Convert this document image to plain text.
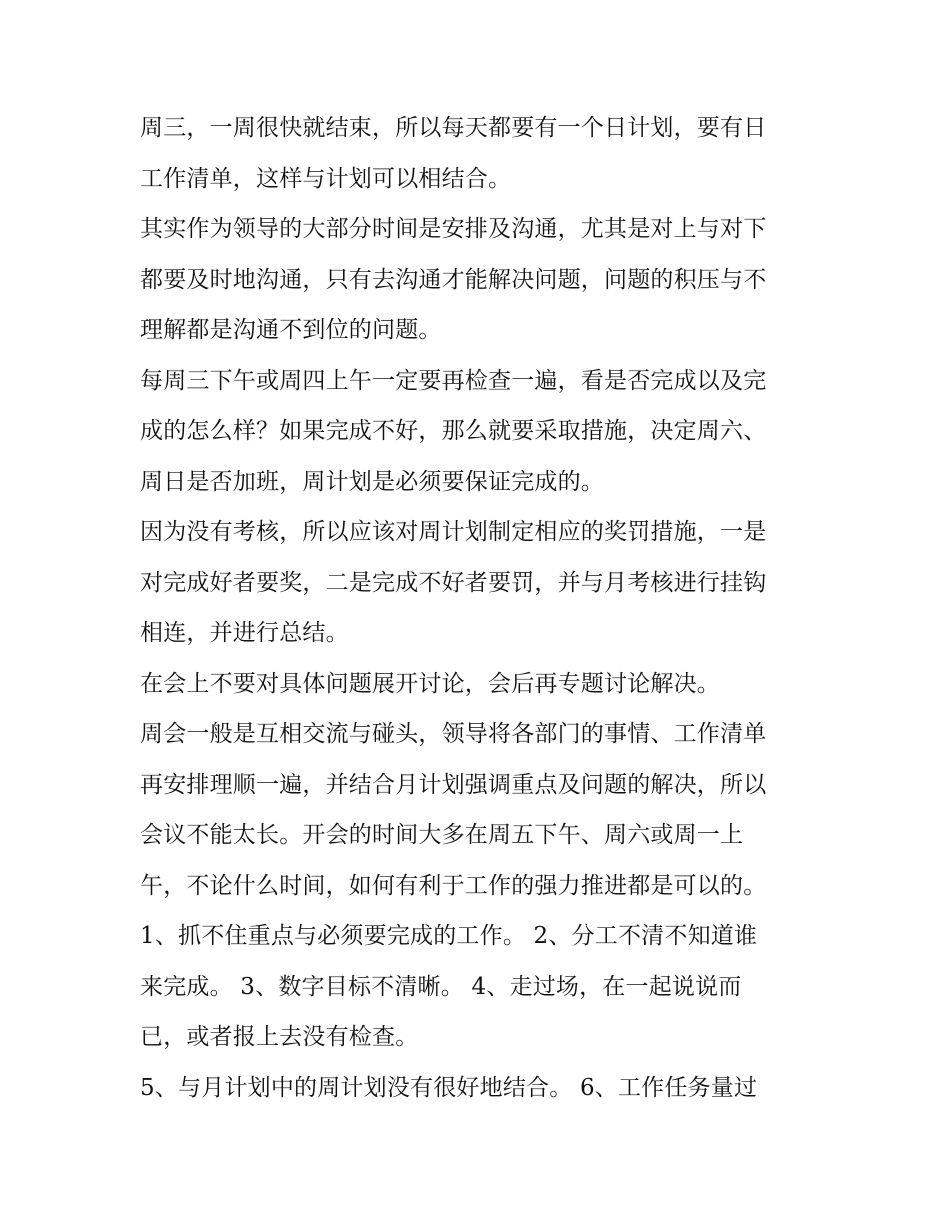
周三，一周很快就结束，所以每天都要有一个日计划，要有日
工作清单，这样与计划可以相结合。

其实作为领导的大部分时间是安排及沟通，尤其是对上与对下
都要及时地沟通，只有去沟通才能解决问题，问题的积压与不
理解都是沟通不到位的问题。

每周三下午或周四上午一定要再检查一遍，看是否完成以及完
成的怎么样？如果完成不好，那么就要采取措施，决定周六、
周日是否加班，周计划是必须要保证完成的。

因为没有考核，所以应该对周计划制定相应的奖罚措施，一是
对完成好者要奖，二是完成不好者要罚，并与月考核进行挂钩
相连，并进行总结。

在会上不要对具体问题展开讨论，会后再专题讨论解决。

周会一般是互相交流与碰头，领导将各部门的事情、工作清单
再安排理顺一遍，并结合月计划强调重点及问题的解决，所以
会议不能太长。开会的时间大多在周五下午、周六或周一上
午，不论什么时间，如何有利于工作的强力推进都是可以的。

1、抓不住重点与必须要完成的工作。 2、分工不清不知道谁
来完成。 3、数字目标不清晰。 4、走过场，在一起说说而
已，或者报上去没有检查。

5、与月计划中的周计划没有很好地结合。 6、工作任务量过
